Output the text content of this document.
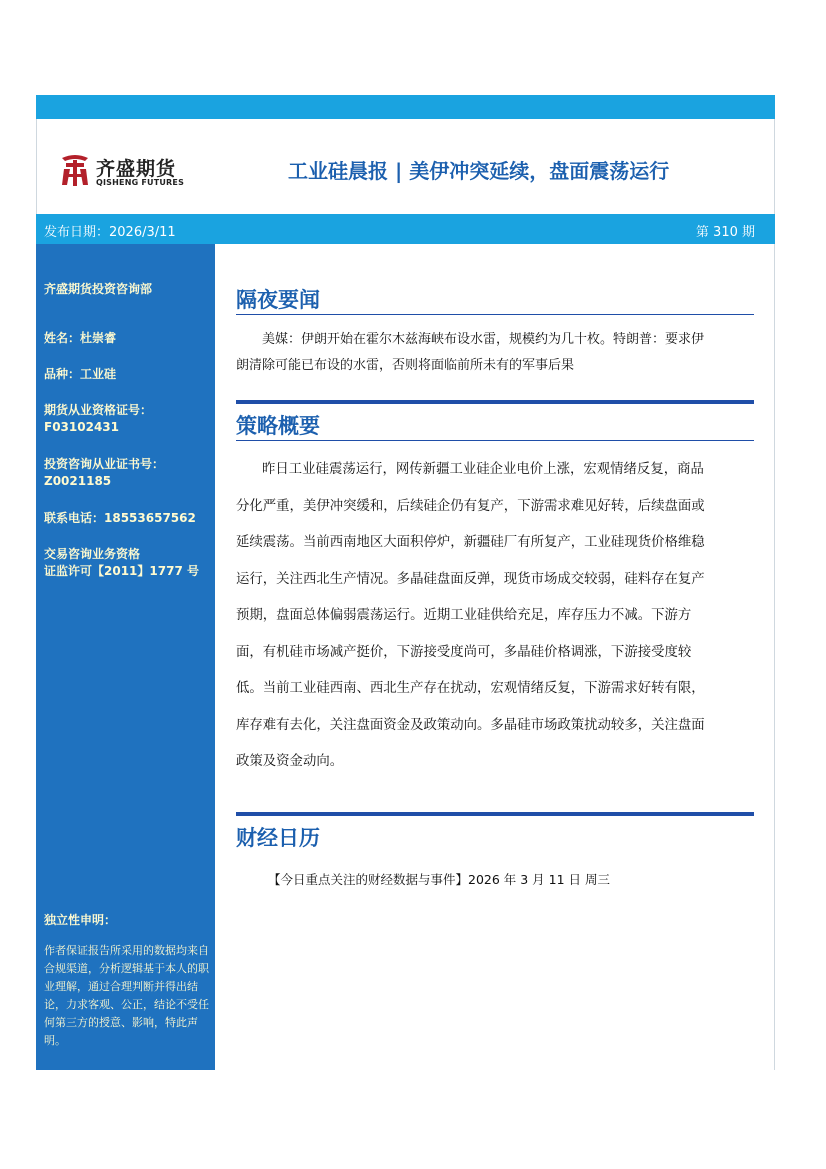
齐盛期货
QISHENG FUTURES	工业硅晨报 | 美伊冲突延续，盘面震荡运行
发布日期：2026/3/11	第 310 期
齐盛期货投资咨询部
姓名：杜崇睿
品种：工业硅
期货从业资格证号：
F03102431
投资咨询从业证书号：
Z0021185
联系电话：18553657562
交易咨询业务资格
证监许可【2011】1777 号
独立性申明：
作者保证报告所采用的数据均来自合规渠道，分析逻辑基于本人的职业理解，通过合理判断并得出结论，力求客观、公正，结论不受任何第三方的授意、影响，特此声明。
隔夜要闻
美媒：伊朗开始在霍尔木兹海峡布设水雷，规模约为几十枚。特朗普：要求伊朗清除可能已布设的水雷，否则将面临前所未有的军事后果
策略概要
昨日工业硅震荡运行，网传新疆工业硅企业电价上涨，宏观情绪反复，商品分化严重，美伊冲突缓和，后续硅企仍有复产，下游需求难见好转，后续盘面或延续震荡。当前西南地区大面积停炉，新疆硅厂有所复产，工业硅现货价格维稳运行，关注西北生产情况。多晶硅盘面反弹，现货市场成交较弱，硅料存在复产预期，盘面总体偏弱震荡运行。近期工业硅供给充足，库存压力不减。下游方面，有机硅市场减产挺价，下游接受度尚可，多晶硅价格调涨，下游接受度较低。当前工业硅西南、西北生产存在扰动，宏观情绪反复，下游需求好转有限，库存难有去化，关注盘面资金及政策动向。多晶硅市场政策扰动较多，关注盘面政策及资金动向。
财经日历
【今日重点关注的财经数据与事件】2026 年 3 月 11 日 周三
